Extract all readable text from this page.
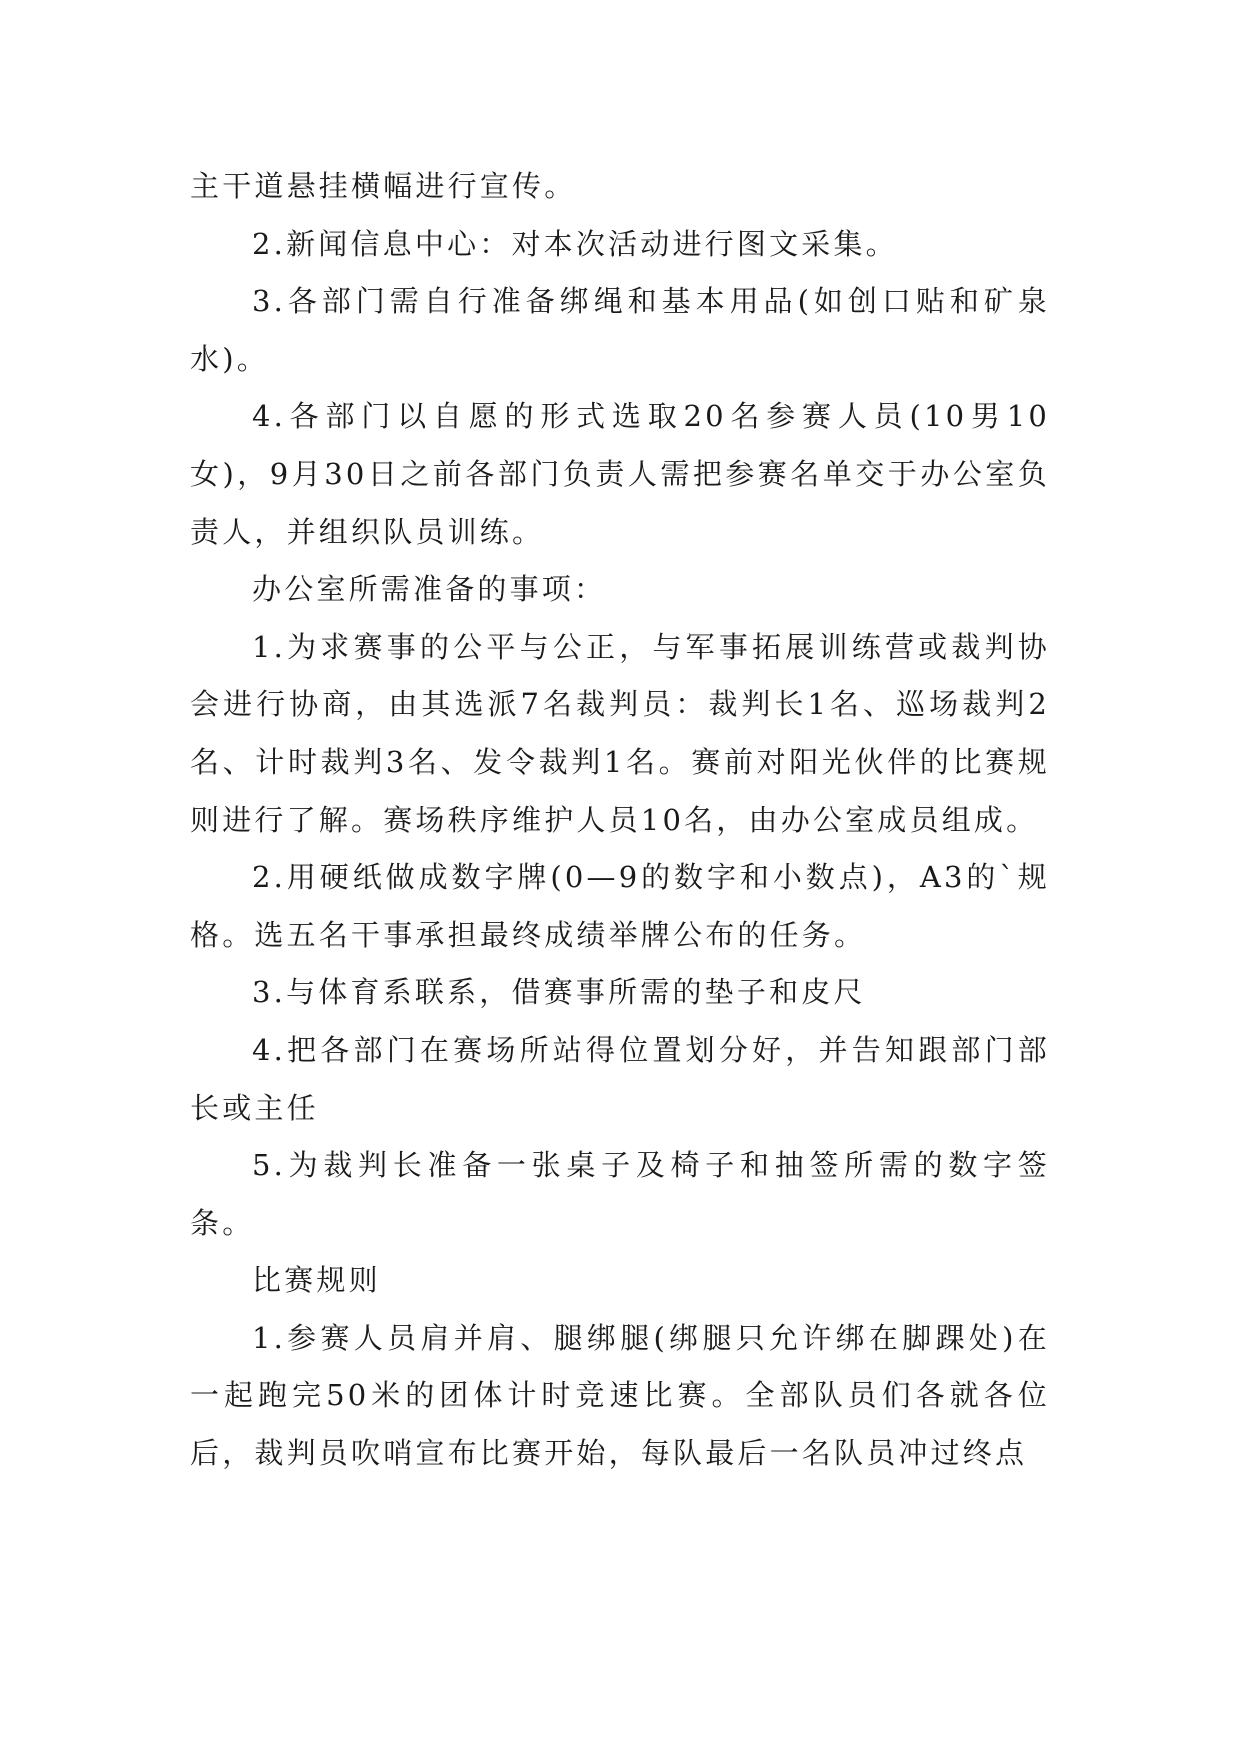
主干道悬挂横幅进行宣传。

2.新闻信息中心：对本次活动进行图文采集。

3.各部门需自行准备绑绳和基本用品(如创口贴和矿泉水)。

4.各部门以自愿的形式选取20名参赛人员(10男10女)，9月30日之前各部门负责人需把参赛名单交于办公室负责人，并组织队员训练。

办公室所需准备的事项：

1.为求赛事的公平与公正，与军事拓展训练营或裁判协会进行协商，由其选派7名裁判员：裁判长1名、巡场裁判2名、计时裁判3名、发令裁判1名。赛前对阳光伙伴的比赛规则进行了解。赛场秩序维护人员10名，由办公室成员组成。

2.用硬纸做成数字牌(0—9的数字和小数点)，A3的`规格。选五名干事承担最终成绩举牌公布的任务。

3.与体育系联系，借赛事所需的垫子和皮尺

4.把各部门在赛场所站得位置划分好，并告知跟部门部长或主任

5.为裁判长准备一张桌子及椅子和抽签所需的数字签条。

比赛规则

1.参赛人员肩并肩、腿绑腿(绑腿只允许绑在脚踝处)在一起跑完50米的团体计时竞速比赛。全部队员们各就各位后，裁判员吹哨宣布比赛开始，每队最后一名队员冲过终点
